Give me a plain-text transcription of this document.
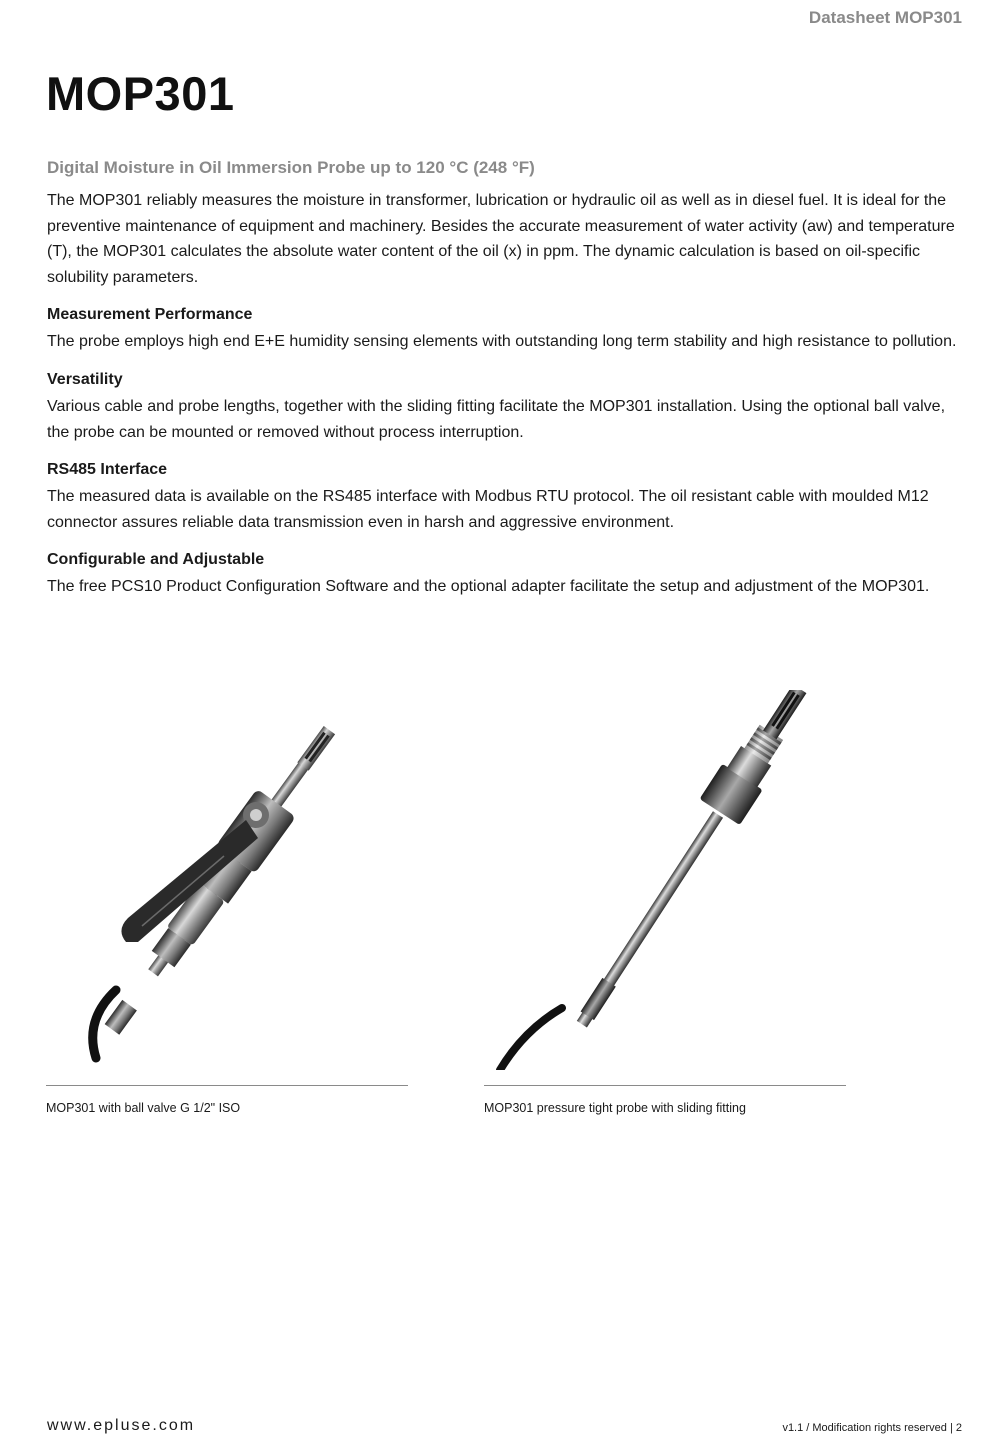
Datasheet MOP301
MOP301
Digital Moisture in Oil Immersion Probe up to 120 °C (248 °F)

The MOP301 reliably measures the moisture in transformer, lubrication or hydraulic oil as well as in diesel fuel. It is ideal for the preventive maintenance of equipment and machinery. Besides the accurate measurement of water activity (aw) and temperature (T), the MOP301 calculates the absolute water content of the oil (x) in ppm. The dynamic calculation is based on oil-specific solubility parameters.

Measurement Performance

The probe employs high end E+E humidity sensing elements with outstanding long term stability and high resistance to pollution.

Versatility

Various cable and probe lengths, together with the sliding fitting facilitate the MOP301 installation. Using the optional ball valve, the probe can be mounted or removed without process interruption.

RS485 Interface

The measured data is available on the RS485 interface with Modbus RTU protocol. The oil resistant cable with moulded M12 connector assures reliable data transmission even in harsh and aggressive environment.

Configurable and Adjustable

The free PCS10 Product Configuration Software and the optional adapter facilitate the setup and adjustment of the MOP301.

MOP301 with ball valve G 1/2" ISO	MOP301 pressure tight probe with sliding fitting
www.epluse.com	v1.1 / Modification rights reserved | 2
